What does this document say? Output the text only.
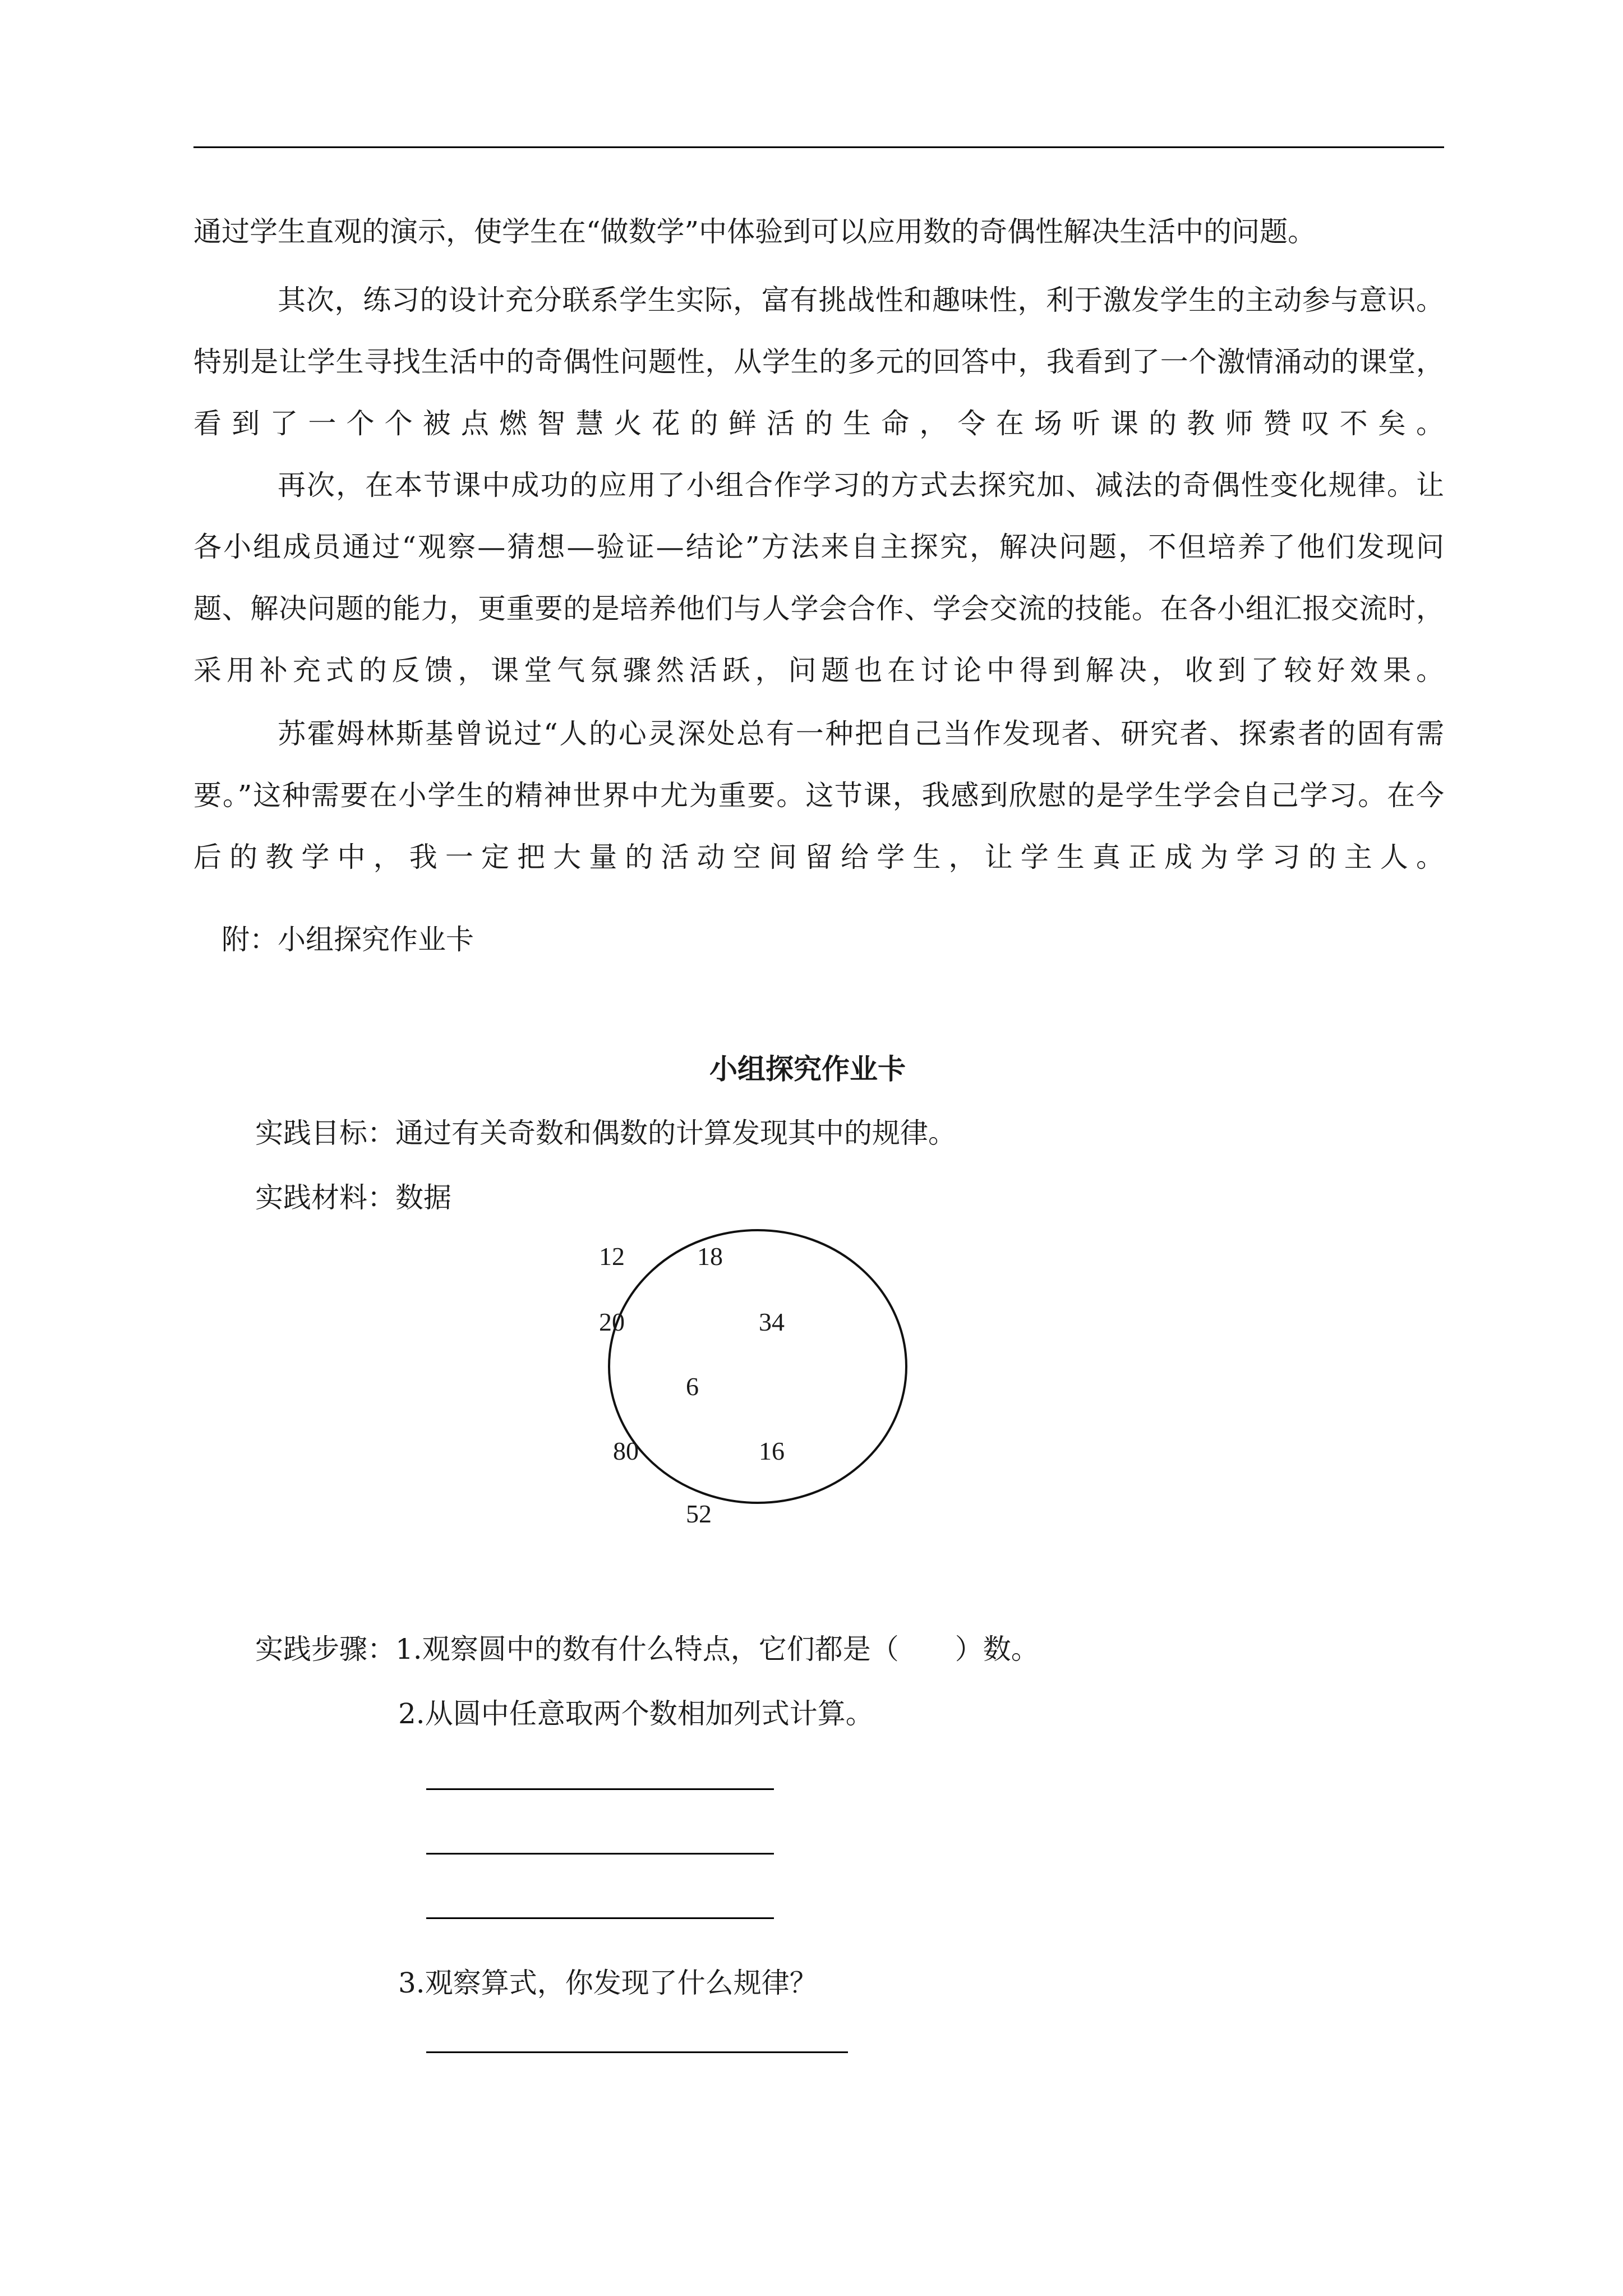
通过学生直观的演示，使学生在“做数学”中体验到可以应用数的奇偶性解决生活中的问题。
其次，练习的设计充分联系学生实际，富有挑战性和趣味性，利于激发学生的主动参与意识。
特别是让学生寻找生活中的奇偶性问题性，从学生的多元的回答中，我看到了一个激情涌动的课堂，
看到了一个个被点燃智慧火花的鲜活的生命，令在场听课的教师赞叹不矣。
再次，在本节课中成功的应用了小组合作学习的方式去探究加、减法的奇偶性变化规律。让
各小组成员通过“观察—猜想—验证—结论”方法来自主探究，解决问题，不但培养了他们发现问
题、解决问题的能力，更重要的是培养他们与人学会合作、学会交流的技能。在各小组汇报交流时，
采用补充式的反馈，课堂气氛骤然活跃，问题也在讨论中得到解决，收到了较好效果。
苏霍姆林斯基曾说过“人的心灵深处总有一种把自己当作发现者、研究者、探索者的固有需
要。”这种需要在小学生的精神世界中尤为重要。这节课，我感到欣慰的是学生学会自己学习。在今
后的教学中，我一定把大量的活动空间留给学生，让学生真正成为学习的主人。
附：小组探究作业卡
小组探究作业卡
实践目标：通过有关奇数和偶数的计算发现其中的规律。
实践材料：数据
12	18
20	34
6
80	16
52
实践步骤：1.观察圆中的数有什么特点，它们都是（　　）数。
2.从圆中任意取两个数相加列式计算。
3.观察算式，你发现了什么规律？
